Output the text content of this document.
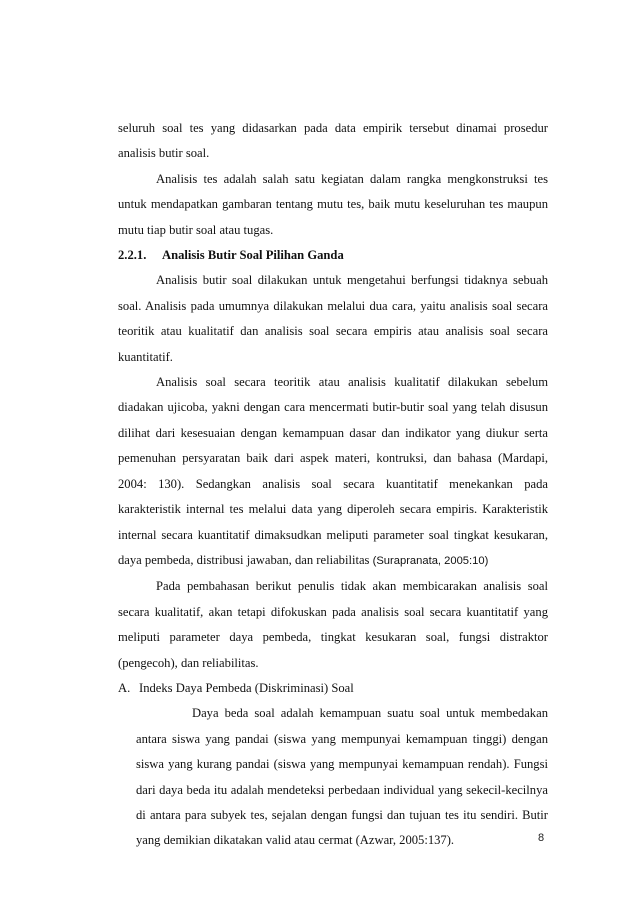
seluruh soal tes yang didasarkan pada data empirik tersebut dinamai prosedur analisis butir soal.

Analisis tes adalah salah satu kegiatan dalam rangka mengkonstruksi tes untuk mendapatkan gambaran tentang mutu tes, baik mutu keseluruhan tes maupun mutu tiap butir soal atau tugas.

2.2.1. Analisis Butir Soal Pilihan Ganda

Analisis butir soal dilakukan untuk mengetahui berfungsi tidaknya sebuah soal. Analisis pada umumnya dilakukan melalui dua cara, yaitu analisis soal secara teoritik atau kualitatif dan analisis soal secara empiris atau analisis soal secara kuantitatif.

Analisis soal secara teoritik atau analisis kualitatif dilakukan sebelum diadakan ujicoba, yakni dengan cara mencermati butir-butir soal yang telah disusun dilihat dari kesesuaian dengan kemampuan dasar dan indikator yang diukur serta pemenuhan persyaratan baik dari aspek materi, kontruksi, dan bahasa (Mardapi, 2004: 130). Sedangkan analisis soal secara kuantitatif menekankan pada karakteristik internal tes melalui data yang diperoleh secara empiris. Karakteristik internal secara kuantitatif dimaksudkan meliputi parameter soal tingkat kesukaran, daya pembeda, distribusi jawaban, dan reliabilitas (Surapranata, 2005:10)

Pada pembahasan berikut penulis tidak akan membicarakan analisis soal secara kualitatif, akan tetapi difokuskan pada analisis soal secara kuantitatif yang meliputi parameter daya pembeda, tingkat kesukaran soal, fungsi distraktor (pengecoh), dan reliabilitas.

A. Indeks Daya Pembeda (Diskriminasi) Soal

Daya beda soal adalah kemampuan suatu soal untuk membedakan antara siswa yang pandai (siswa yang mempunyai kemampuan tinggi) dengan siswa yang kurang pandai (siswa yang mempunyai kemampuan rendah). Fungsi dari daya beda itu adalah mendeteksi perbedaan individual yang sekecil-kecilnya di antara para subyek tes, sejalan dengan fungsi dan tujuan tes itu sendiri. Butir yang demikian dikatakan valid atau cermat (Azwar, 2005:137).	8
